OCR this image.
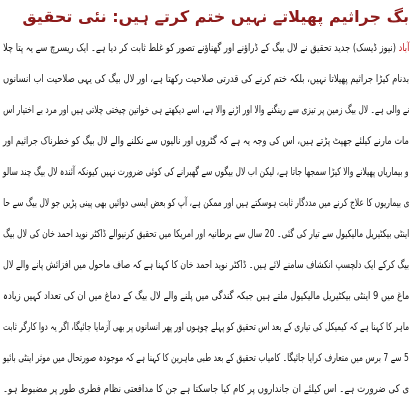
بگ جراثیم پھیلاتے نہیں ختم کرتے ہیں: نئی تحقیق
آباد (نیوز ڈیسک) جدید تحقیق نے لال بیگ کے ڈراؤنے اور گھناؤنے تصور کو غلط ثابت کر دیا ہے۔ ایک ریسرچ سے یہ پتا چلا
بدنام کیڑا جراثیم پھیلاتا نہیں، بلکہ ختم کرنے کی قدرتی صلاحیت رکھتا ہے، اور لال بیگ کی یہی صلاحیت اب انسانوں
نے والی ہے۔ لال بیگ زمین پر تیزی سے رینگنے والا اور اڑنے والا ہے، اسے دیکھتے ہی خواتین چیختی چلاتی ہیں اور مرد بے اختیار اس
مات مارنے کیلئے جھپٹ پڑتے ہیں، اس کی وجہ یہ ہے کہ گٹروں اور نالیوں سے نکلنے والے لال بیگ کو خطرناک جراثیم اور
و بیماریاں پھیلانے والا کیڑا سمجھا جاتا ہے، لیکن اب لال بیگوں سے گھبرانے کی کوئی ضرورت نہیں کیونکہ آئندہ لال بیگ چند سالو
ی بیماریوں کا علاج کرنے میں مددگار ثابت ہوسکتے ہیں اور ممکن ہے، آپ کو بعض ایسی دوائیں بھی پینی پڑیں جو لال بیگ سے حا
اینٹی بیکٹیریل مالیکیول سے تیار کی گئی۔ 20 سال سے برطانیہ اور امریکا میں تحقیق کرنیوالے ڈاکٹر نوید احمد خان کی لال بیگ
بیگ کرکے ایک دلچسپ انکشاف سامنے لائے ہیں۔ ڈاکٹر نوید احمد خان کا کہنا ہے کہ صاف ماحول میں افزائش پانے والے لال
ماغ میں 9 اینٹی بیکٹیریل مالیکیول ملتے ہیں جبکہ گندگی میں پلنے والے لال بیگ کے دماغ میں ان کی تعداد کہیں زیادہ
ماہر کا کہنا ہے کہ کیمیکل کی تیاری کے بعد اس تحقیق کو پہلے چوہوں اور پھر انسانوں پر بھی آزمایا جائیگا، اگر یہ دوا کارگر ثابت
5 سے 7 برس میں متعارف کرایا جائیگا۔ کامیاب تحقیق کے بعد طبی ماہرین کا کہنا ہے کہ موجودہ صورتحال میں موثر اینٹی بائیو
ی کی ضرورت ہے۔ اس کیلئے ان جانداروں پر کام کیا جاسکتا ہے جن کا مدافعتی نظام فطری طور پر مضبوط ہو۔
